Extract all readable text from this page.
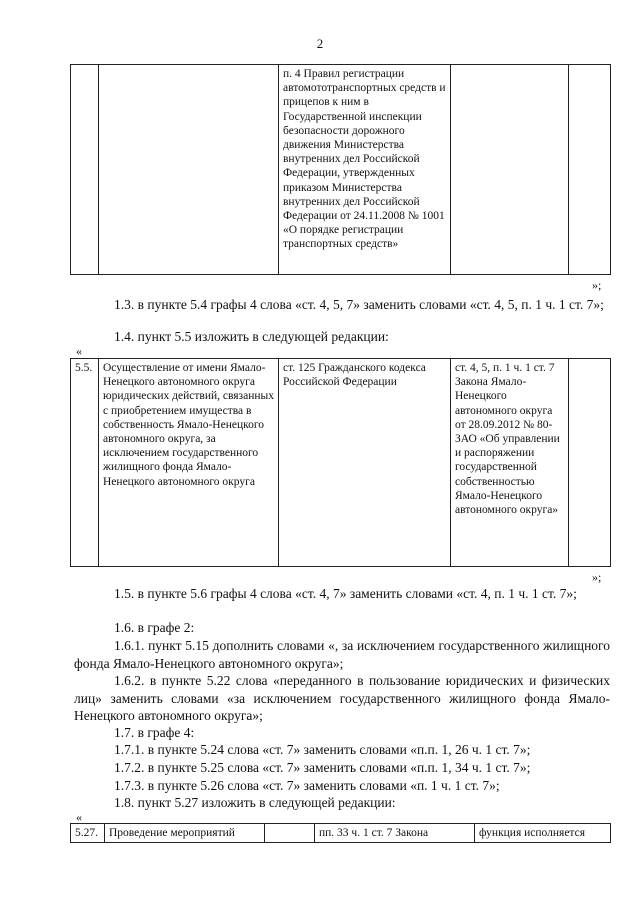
2
		п. 4 Правил регистрации автомототранспортных средств и прицепов к ним в Государственной инспекции безопасности дорожного движения Министерства внутренних дел Российской Федерации, утвержденных приказом Министерства внутренних дел Российской Федерации от 24.11.2008 № 1001 «О порядке регистрации транспортных средств»		
»;
1.3. в пункте 5.4 графы 4 слова «ст. 4, 5, 7» заменить словами «ст. 4, 5, п. 1 ч. 1 ст. 7»;
1.4. пункт 5.5 изложить в следующей редакции:
«
5.5.	Осуществление от имени Ямало-Ненецкого автономного округа юридических действий, связанных с приобретением имущества в собственность Ямало-Ненецкого автономного округа, за исключением государственного жилищного фонда Ямало-Ненецкого автономного округа	ст. 125 Гражданского кодекса Российской Федерации	ст. 4, 5, п. 1 ч. 1 ст. 7 Закона Ямало-Ненецкого автономного округа от 28.09.2012 № 80-ЗАО «Об управлении и распоряжении государственной собственностью Ямало-Ненецкого автономного округа»	
»;
1.5. в пункте 5.6 графы 4 слова «ст. 4, 7» заменить словами «ст. 4, п. 1 ч. 1 ст. 7»;
1.6. в графе 2:
1.6.1. пункт 5.15 дополнить словами «, за исключением государственного жилищного фонда Ямало-Ненецкого автономного округа»;
1.6.2. в пункте 5.22 слова «переданного в пользование юридических и физических лиц» заменить словами «за исключением государственного жилищного фонда Ямало-Ненецкого автономного округа»;
1.7. в графе 4:
1.7.1. в пункте 5.24 слова «ст. 7» заменить словами «п.п. 1, 26 ч. 1 ст. 7»;
1.7.2. в пункте 5.25 слова «ст. 7» заменить словами «п.п. 1, 34 ч. 1 ст. 7»;
1.7.3. в пункте 5.26 слова «ст. 7» заменить словами «п. 1 ч. 1 ст. 7»;
1.8. пункт 5.27 изложить в следующей редакции:
«
5.27.	Проведение мероприятий		пп. 33 ч. 1 ст. 7 Закона	функция исполняется
